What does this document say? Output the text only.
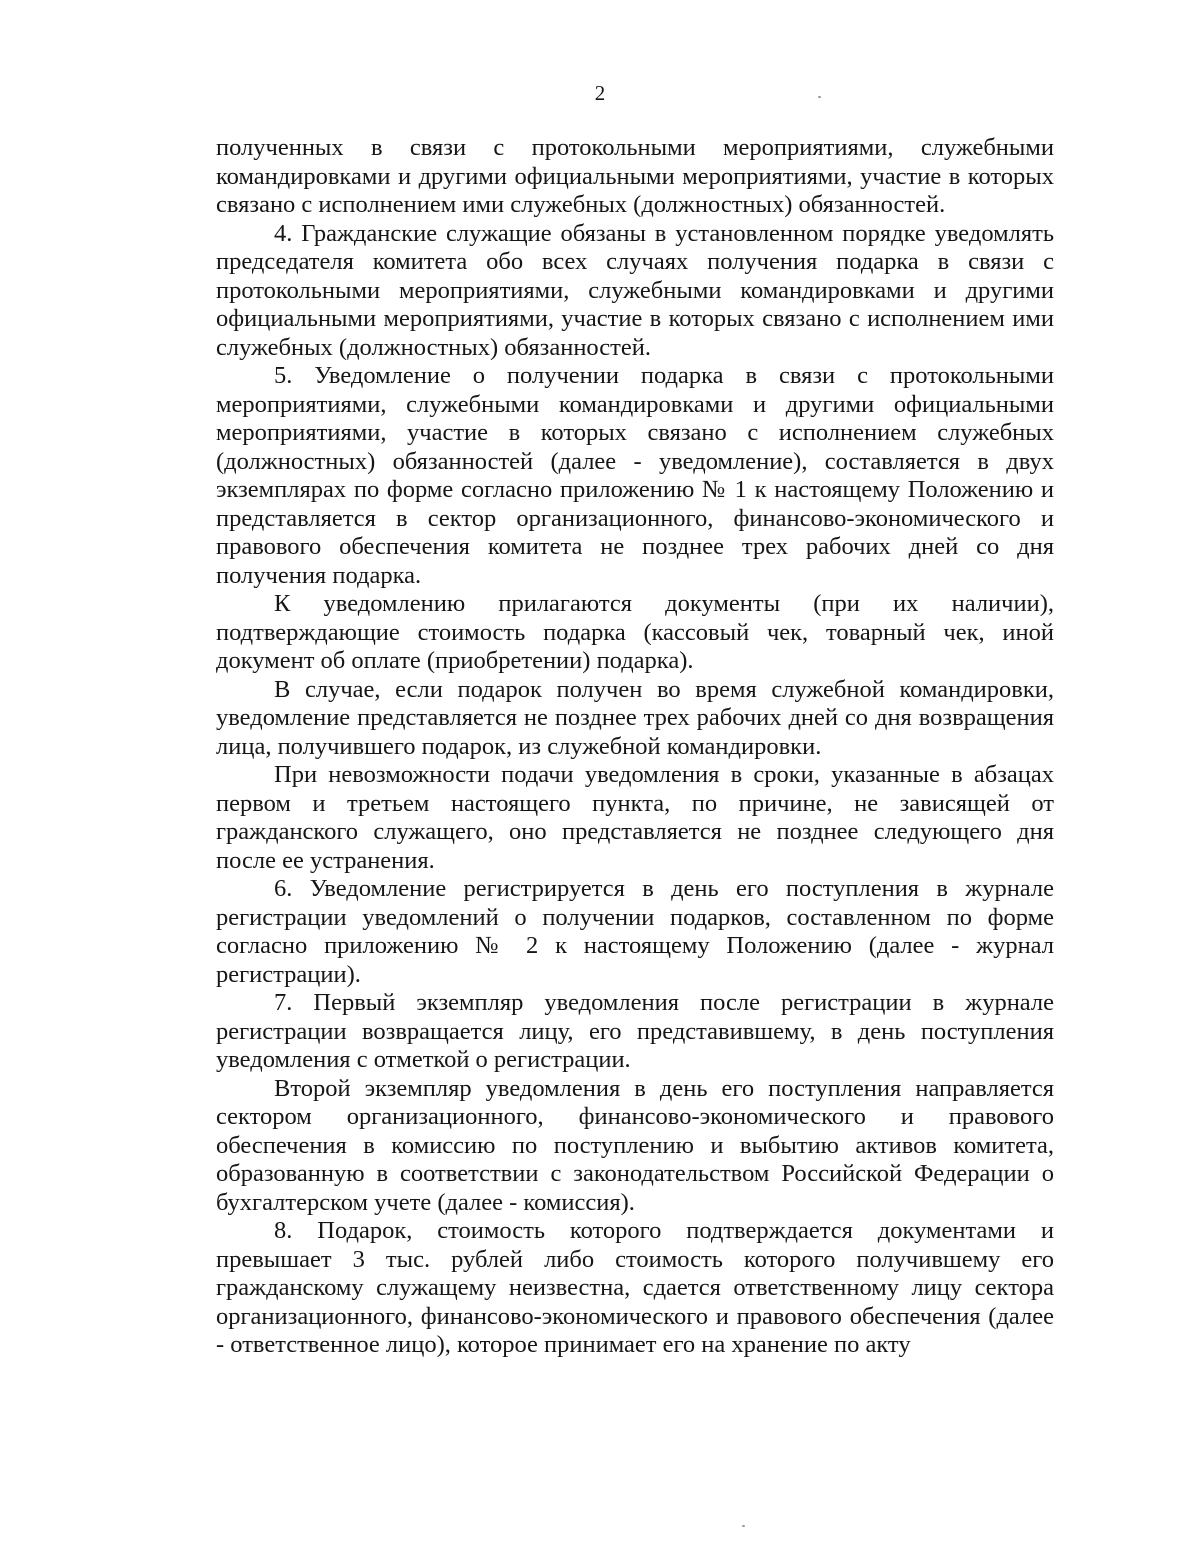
2

полученных в связи с протокольными мероприятиями, служебными командировками и другими официальными мероприятиями, участие в которых связано с исполнением ими служебных (должностных) обязанностей.

4. Гражданские служащие обязаны в установленном порядке уведомлять председателя комитета обо всех случаях получения подарка в связи с протокольными мероприятиями, служебными командировками и другими официальными мероприятиями, участие в которых связано с исполнением ими служебных (должностных) обязанностей.

5. Уведомление о получении подарка в связи с протокольными мероприятиями, служебными командировками и другими официальными мероприятиями, участие в которых связано с исполнением служебных (должностных) обязанностей (далее - уведомление), составляется в двух экземплярах по форме согласно приложению № 1 к настоящему Положению и представляется в сектор организационного, финансово-экономического и правового обеспечения комитета не позднее трех рабочих дней со дня получения подарка.

К уведомлению прилагаются документы (при их наличии), подтверждающие стоимость подарка (кассовый чек, товарный чек, иной документ об оплате (приобретении) подарка).

В случае, если подарок получен во время служебной командировки, уведомление представляется не позднее трех рабочих дней со дня возвращения лица, получившего подарок, из служебной командировки.

При невозможности подачи уведомления в сроки, указанные в абзацах первом и третьем настоящего пункта, по причине, не зависящей от гражданского служащего, оно представляется не позднее следующего дня после ее устранения.

6. Уведомление регистрируется в день его поступления в журнале регистрации уведомлений о получении подарков, составленном по форме согласно приложению № 2 к настоящему Положению (далее - журнал регистрации).

7. Первый экземпляр уведомления после регистрации в журнале регистрации возвращается лицу, его представившему, в день поступления уведомления с отметкой о регистрации.

Второй экземпляр уведомления в день его поступления направляется сектором организационного, финансово-экономического и правового обеспечения в комиссию по поступлению и выбытию активов комитета, образованную в соответствии с законодательством Российской Федерации о бухгалтерском учете (далее - комиссия).

8. Подарок, стоимость которого подтверждается документами и превышает 3 тыс. рублей либо стоимость которого получившему его гражданскому служащему неизвестна, сдается ответственному лицу сектора организационного, финансово-экономического и правового обеспечения (далее - ответственное лицо), которое принимает его на хранение по акту
